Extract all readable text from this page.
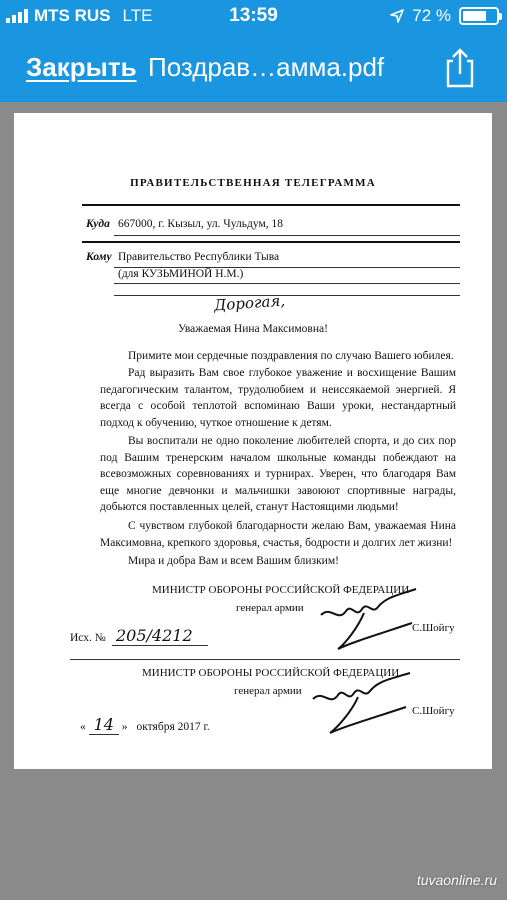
MTS RUS LTE	13:59	72 %
Закрыть Поздрав…амма.pdf
ПРАВИТЕЛЬСТВЕННАЯ ТЕЛЕГРАММА
Куда 667000, г. Кызыл, ул. Чульдум, 18
Кому Правительство Республики Тыва
(для КУЗЬМИНОЙ Н.М.)
Дорогая,
Уважаемая Нина Максимовна!
Примите мои сердечные поздравления по случаю Вашего юбилея.
Рад выразить Вам свое глубокое уважение и восхищение Вашим педагогическим талантом, трудолюбием и неиссякаемой энергией. Я всегда с особой теплотой вспоминаю Ваши уроки, нестандартный подход к обучению, чуткое отношение к детям.
Вы воспитали не одно поколение любителей спорта, и до сих пор под Вашим тренерским началом школьные команды побеждают на всевозможных соревнованиях и турнирах. Уверен, что благодаря Вам еще многие девчонки и мальчишки завоюют спортивные награды, добьются поставленных целей, станут Настоящими людьми!
С чувством глубокой благодарности желаю Вам, уважаемая Нина Максимовна, крепкого здоровья, счастья, бодрости и долгих лет жизни!
Мира и добра Вам и всем Вашим близким!
МИНИСТР ОБОРОНЫ РОССИЙСКОЙ ФЕДЕРАЦИИ
генерал армии
С.Шойгу
Исх. № 205/4212
МИНИСТР ОБОРОНЫ РОССИЙСКОЙ ФЕДЕРАЦИИ
генерал армии
С.Шойгу
« 14 » октября 2017 г.
tuvaonline.ru
